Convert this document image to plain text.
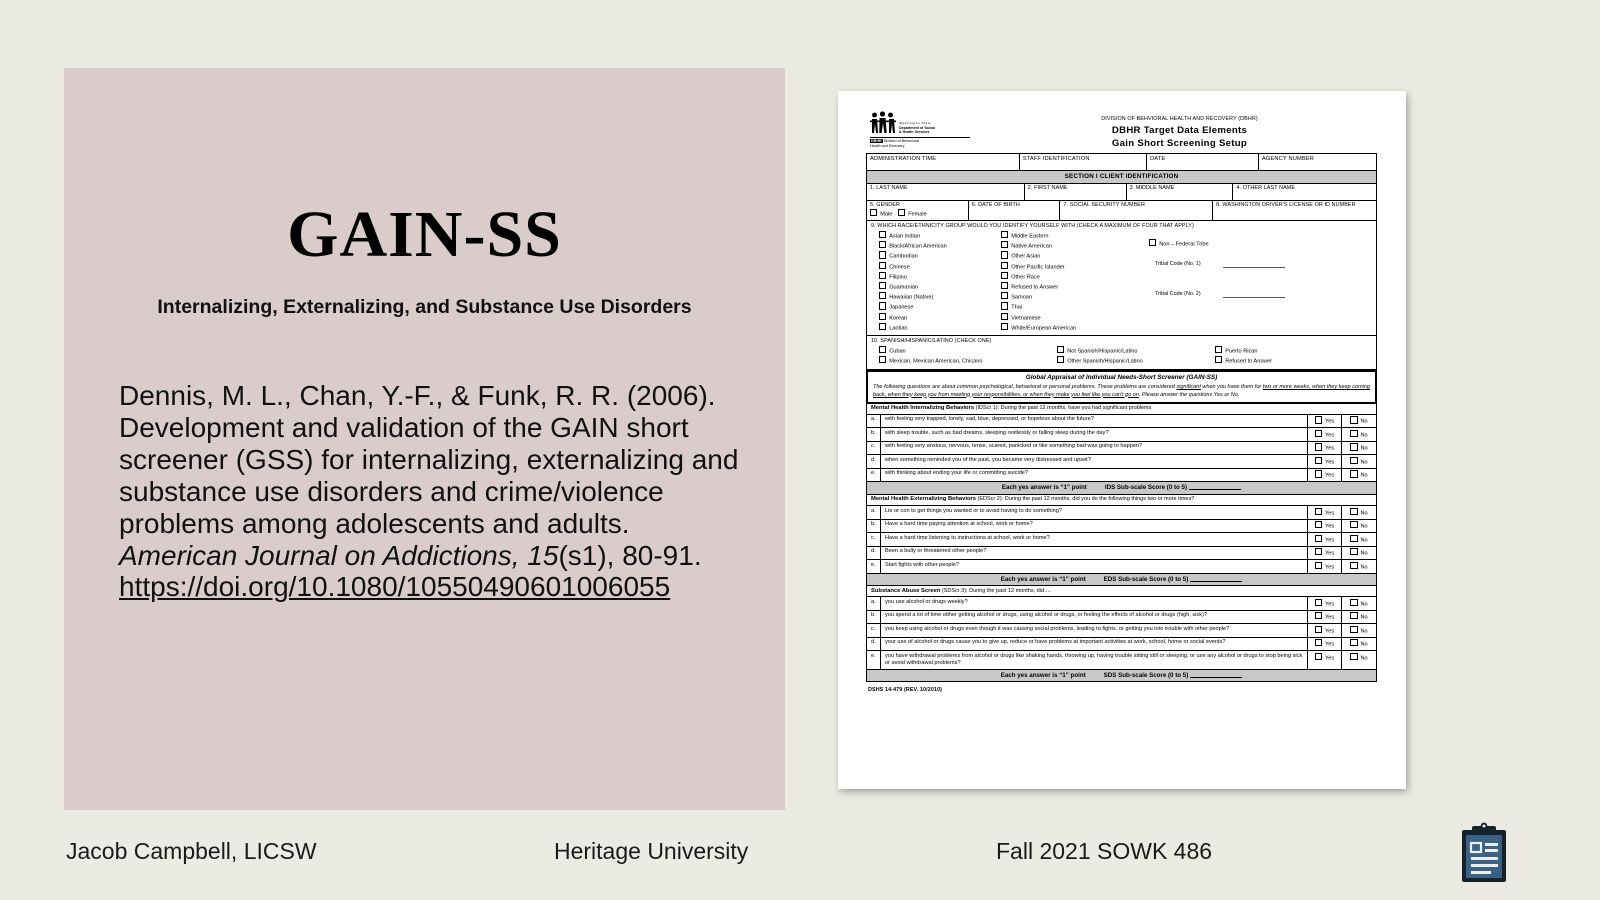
GAIN-SS
Internalizing, Externalizing, and Substance Use Disorders
Dennis, M. L., Chan, Y.-F., & Funk, R. R. (2006). Development and validation of the GAIN short screener (GSS) for internalizing, externalizing and substance use disorders and crime/violence problems among adolescents and adults. American Journal on Addictions, 15(s1), 80-91. https://doi.org/10.1080/10550490601006055
Jacob Campbell, LICSW	Heritage University	Fall 2021 SOWK 486
Washington State
Department of Social
& Health Services
DBHR Division of Behavioral
Health and Recovery
DIVISION OF BEHVIORAL HEALTH AND RECOVERY (DBHR)
DBHR Target Data Elements
Gain Short Screening Setup
ADMINISTRATION TIME	STAFF IDENTIFICATION	DATE	AGENCY NUMBER
SECTION I CLIENT IDENTIFICATION
1. LAST NAME	2. FIRST NAME	3. MIDDLE NAME	4. OTHER LAST NAME
5. GENDER
Male	Female
6. DATE OF BIRTH	7. SOCIAL SECURITY NUMBER	8. WASHINGTON DRIVER'S LICENSE OR ID NUMBER
9. WHICH RACE/ETHNICITY GROUP WOULD YOU IDENTIFY YOURSELF WITH (CHECK A MAXIMUM OF FOUR THAT APPLY)
Asian Indian
Black/African American
Cambodian
Chinese
Filipino
Guamanian
Hawaiian (Native)
Japanese
Korean
Laotian
Middle Eastern
Native American
Other Asian
Other Pacific Islander
Other Race
Refused to Answer
Samoan
Thai
Vietnamese
White/European American
Non – Federal Tribe
Tribal Code (No. 1)
Tribal Code (No. 2)
10. SPANISH/HISPANIC/LATINO (CHECK ONE)
Cuban
Mexican, Mexican American, Chicano
Not Spanish/Hispanic/Latino
Other Spanish/Hispanic/Latino
Puerto Rican
Refused to Answer
Global Appraisal of Individual Needs-Short Screener (GAIN-SS)
The following questions are about common psychological, behavioral or personal problems. These problems are considered significant when you have them for two or more weeks, when they keep coming back, when they keep you from meeting your responsibilities, or when they make you feel like you can't go on. Please answer the questions Yes or No.
Mental Health Internalizing Behaviors (IDScr 1): During the past 12 months, have you had significant problems
a.	with feeling very trapped, lonely, sad, blue, depressed, or hopeless about the future?	Yes	No
b.	with sleep trouble, such as bad dreams, sleeping restlessly or falling sleep during the day?	Yes	No
c.	with feeling very anxious, nervous, tense, scared, panicked or like something bad was going to happen?	Yes	No
d.	when something reminded you of the past, you became very distressed and upset?	Yes	No
e.	with thinking about ending your life or committing suicide?	Yes	No
Each yes answer is “1” point	IDS Sub-scale Score (0 to 5)
Mental Health Externalizing Behaviors (EDScr 2): During the past 12 months, did you do the following things two or more times?
a.	Lie or con to get things you wanted or to avoid having to do something?	Yes	No
b.	Have a hard time paying attention at school, work or home?	Yes	No
c.	Have a hard time listening to instructions at school, work or home?	Yes	No
d.	Been a bully or threatened other people?	Yes	No
e.	Start fights with other people?	Yes	No
Each yes answer is “1” point	EDS Sub-scale Score (0 to 5)
Substance Abuse Screen (SDScr 3): During the past 12 months, did….
a.	you use alcohol or drugs weekly?	Yes	No
b.	you spend a lot of time either getting alcohol or drugs, using alcohol or drugs, or feeling the effects of alcohol or drugs (high, sick)?	Yes	No
c.	you keep using alcohol or drugs even though it was causing social problems, leading to fights, or getting you into trouble with other people?	Yes	No
d.	your use of alcohol or drugs cause you to give up, reduce or have problems at important activities at work, school, home or social events?	Yes	No
e.	you have withdrawal problems from alcohol or drugs like shaking hands, throwing up, having trouble sitting still or sleeping, or use any alcohol or drugs to stop being sick or avoid withdrawal problems?
Yes	No
Each yes answer is “1” point	SDS Sub-scale Score (0 to 5)
DSHS 14-479 (REV. 10/2010)
